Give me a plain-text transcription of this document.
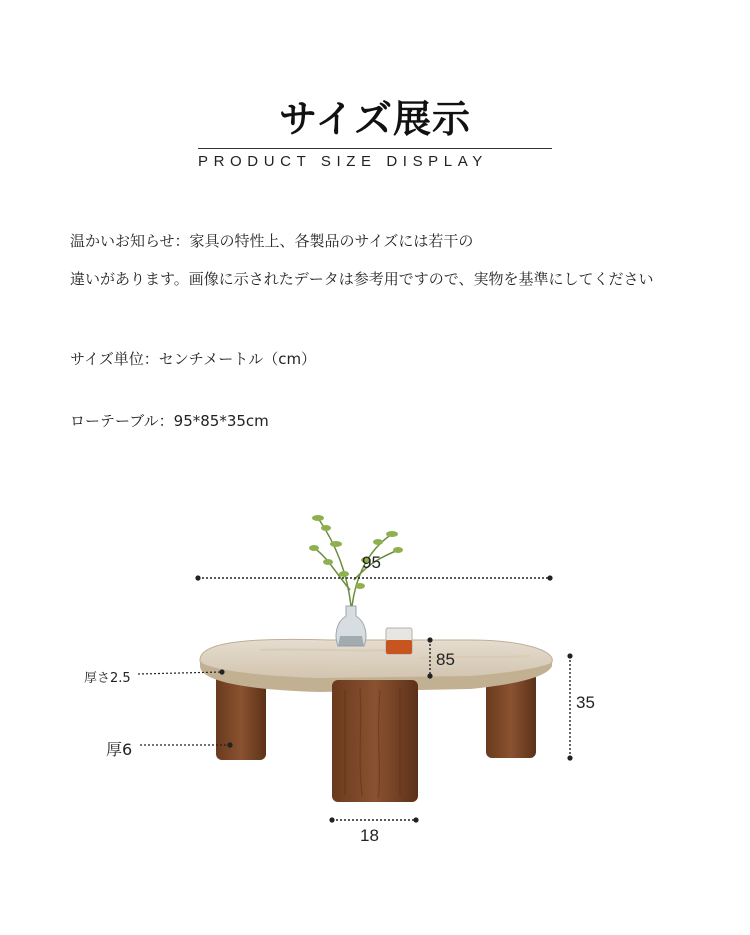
サイズ展示
PRODUCT SIZE DISPLAY
温かいお知らせ：家具の特性上、各製品のサイズには若干の
違いがあります。画像に示されたデータは参考用ですので、実物を基準にしてください
サイズ単位：センチメートル（cm）
ローテーブル：95*85*35cm
95
85
35
18
厚さ2.5
厚6
